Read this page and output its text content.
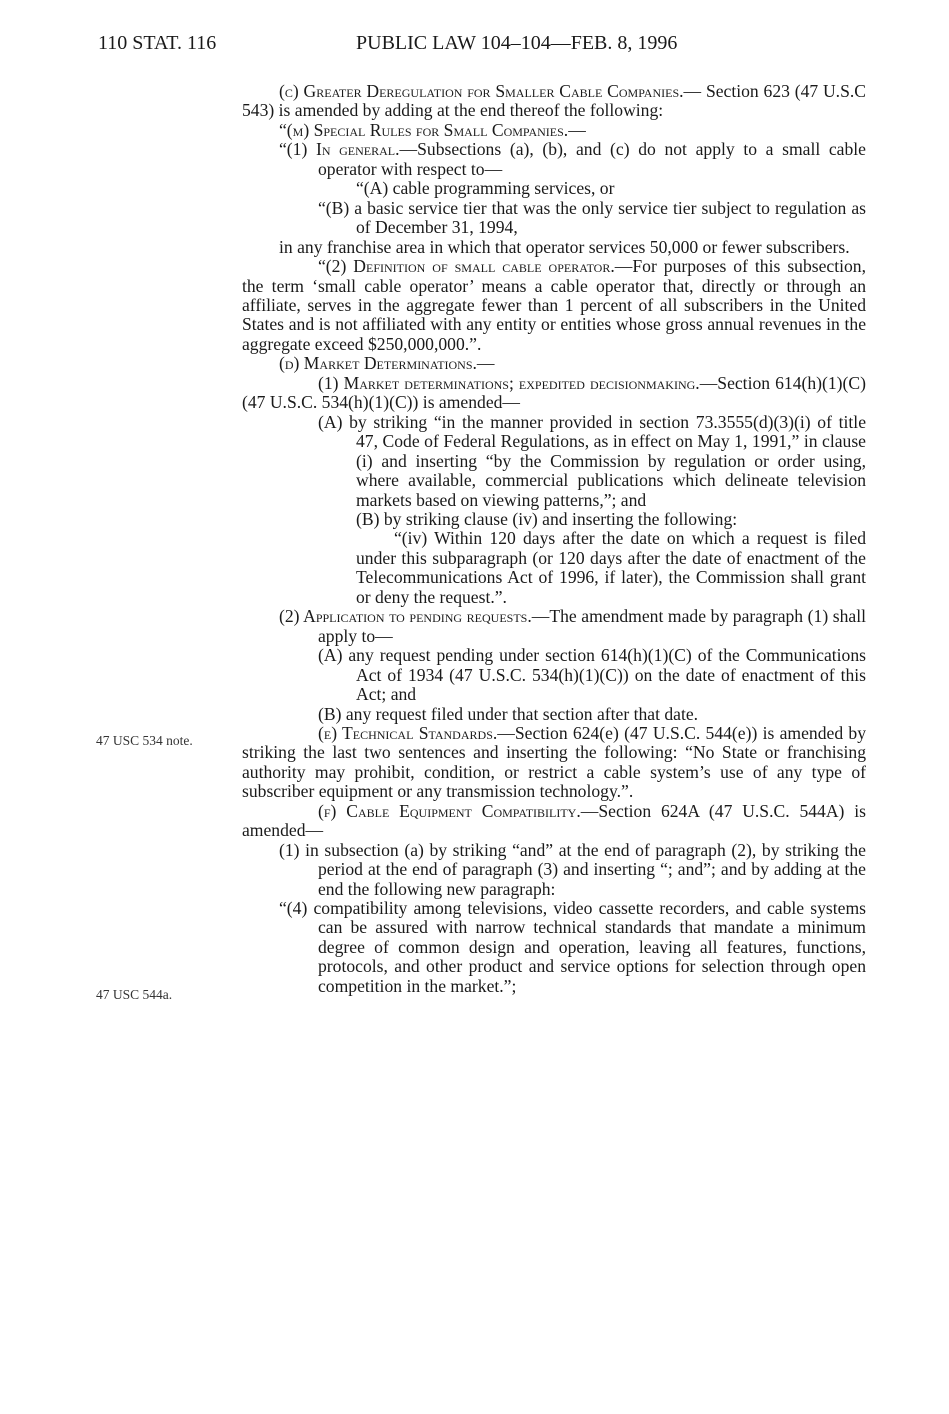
110 STAT. 116	PUBLIC LAW 104–104—FEB. 8, 1996
47 USC 534 note.
47 USC 544a.

(c) Greater Deregulation for Smaller Cable Companies.— Section 623 (47 U.S.C 543) is amended by adding at the end thereof the following:

“(m) Special Rules for Small Companies.—

“(1) In general.—Subsections (a), (b), and (c) do not apply to a small cable operator with respect to—

“(A) cable programming services, or

“(B) a basic service tier that was the only service tier subject to regulation as of December 31, 1994,

in any franchise area in which that operator services 50,000 or fewer subscribers.

“(2) Definition of small cable operator.—For purposes of this subsection, the term ‘small cable operator’ means a cable operator that, directly or through an affiliate, serves in the aggregate fewer than 1 percent of all subscribers in the United States and is not affiliated with any entity or entities whose gross annual revenues in the aggregate exceed $250,000,000.”.

(d) Market Determinations.—

(1) Market determinations; expedited decisionmaking.—Section 614(h)(1)(C) (47 U.S.C. 534(h)(1)(C)) is amended—

(A) by striking “in the manner provided in section 73.3555(d)(3)(i) of title 47, Code of Federal Regulations, as in effect on May 1, 1991,” in clause (i) and inserting “by the Commission by regulation or order using, where available, commercial publications which delineate television markets based on viewing patterns,”; and

(B) by striking clause (iv) and inserting the following:

“(iv) Within 120 days after the date on which a request is filed under this subparagraph (or 120 days after the date of enactment of the Telecommunications Act of 1996, if later), the Commission shall grant or deny the request.”.

(2) Application to pending requests.—The amendment made by paragraph (1) shall apply to—

(A) any request pending under section 614(h)(1)(C) of the Communications Act of 1934 (47 U.S.C. 534(h)(1)(C)) on the date of enactment of this Act; and

(B) any request filed under that section after that date.

(e) Technical Standards.—Section 624(e) (47 U.S.C. 544(e)) is amended by striking the last two sentences and inserting the following: “No State or franchising authority may prohibit, condition, or restrict a cable system’s use of any type of subscriber equipment or any transmission technology.”.

(f) Cable Equipment Compatibility.—Section 624A (47 U.S.C. 544A) is amended—

(1) in subsection (a) by striking “and” at the end of paragraph (2), by striking the period at the end of paragraph (3) and inserting “; and”; and by adding at the end the following new paragraph:

“(4) compatibility among televisions, video cassette recorders, and cable systems can be assured with narrow technical standards that mandate a minimum degree of common design and operation, leaving all features, functions, protocols, and other product and service options for selection through open competition in the market.”;
